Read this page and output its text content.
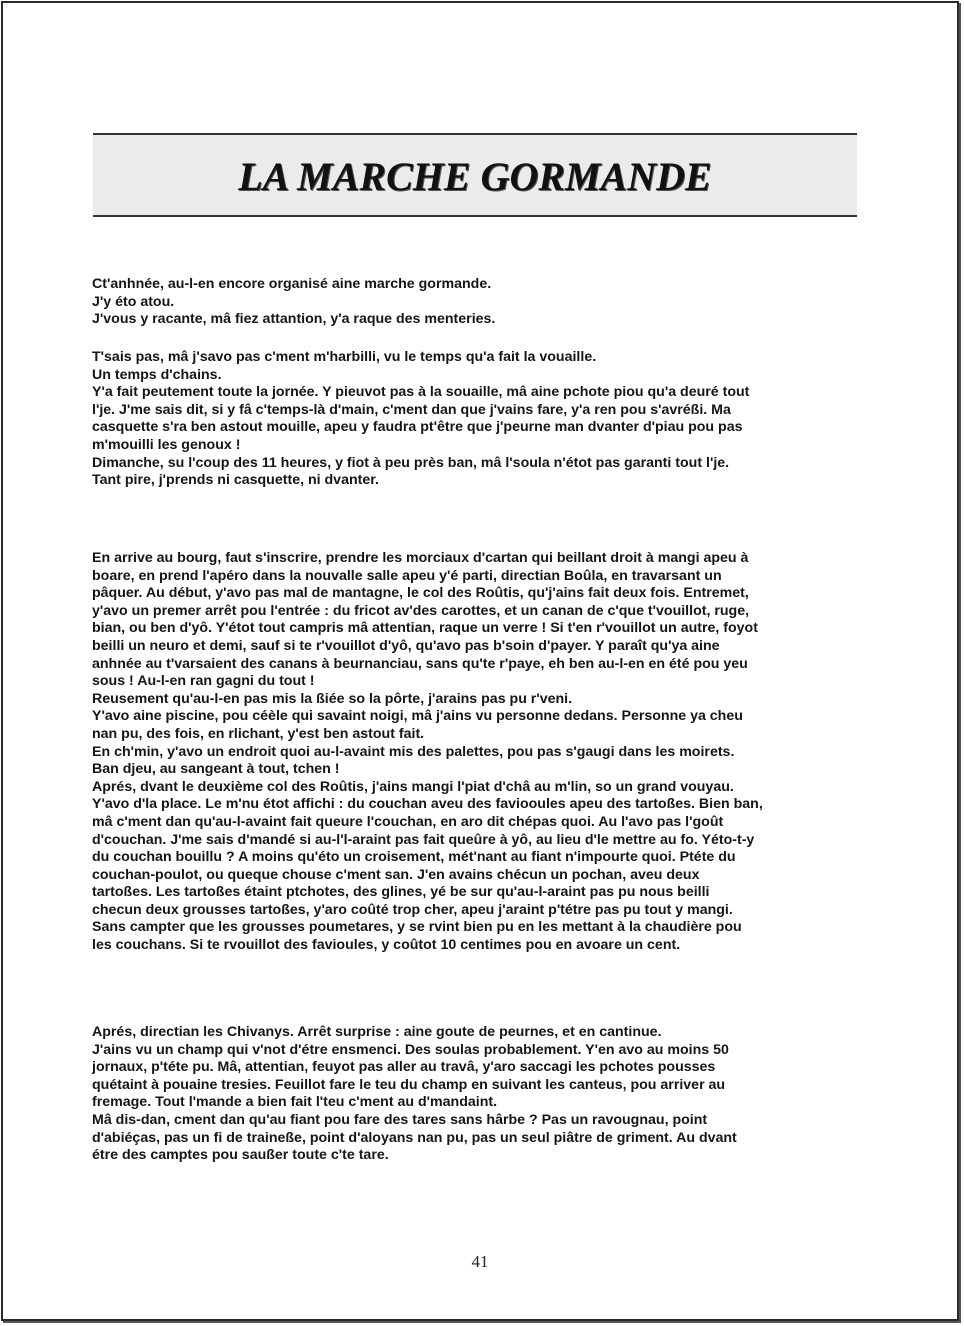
LA MARCHE GORMANDE

Ct'anhnée, au-l-en encore organisé aine marche gormande.

J'y éto atou.

J'vous y racante, mâ fiez attantion, y'a raque des menteries.

T'sais pas, mâ j'savo pas c'ment m'harbilli, vu le temps qu'a fait la vouaille.

Un temps d'chains.

Y'a fait peutement toute la jornée. Y pieuvot pas à la souaille, mâ aine pchote piou qu'a deuré tout

l'je. J'me sais dit, si y fâ c'temps-là d'main, c'ment dan que j'vains fare, y'a ren pou s'avréßi. Ma

casquette s'ra ben astout mouille, apeu y faudra pt'être que j'peurne man dvanter d'piau pou pas

m'mouilli les genoux !

Dimanche, su l'coup des 11 heures, y fiot à peu près ban, mâ l'soula n'étot pas garanti tout l'je.

Tant pire, j'prends ni casquette, ni dvanter.

En arrive au bourg, faut s'inscrire, prendre les morciaux d'cartan qui beillant droit à mangi apeu à

boare, en prend l'apéro dans la nouvalle salle apeu y'é parti, directian Boûla, en travarsant un

pâquer. Au début, y'avo pas mal de mantagne, le col des Roûtis, qu'j'ains fait deux fois. Entremet,

y'avo un premer arrêt pou l'entrée : du fricot av'des carottes, et un canan de c'que t'vouillot, ruge,

bian, ou ben d'yô. Y'étot tout campris mâ attentian, raque un verre ! Si t'en r'vouillot un autre, foyot

beilli un neuro et demi, sauf si te r'vouillot d'yô, qu'avo pas b'soin d'payer. Y paraît qu'ya aine

anhnée au t'varsaient des canans à beurnanciau, sans qu'te r'paye, eh ben au-l-en en été pou yeu

sous ! Au-l-en ran gagni du tout !

Reusement qu'au-l-en pas mis la ßiée so la pôrte, j'arains pas pu r'veni.

Y'avo aine piscine, pou céèle qui savaint noigi, mâ j'ains vu personne dedans. Personne ya cheu

nan pu, des fois, en rlichant, y'est ben astout fait.

En ch'min, y'avo un endroit quoi au-l-avaint mis des palettes, pou pas s'gaugi dans les moirets.

Ban djeu, au sangeant à tout, tchen !

Aprés, dvant le deuxième col des Roûtis, j'ains mangi l'piat d'châ au m'lin, so un grand vouyau.

Y'avo d'la place. Le m'nu étot affichi : du couchan aveu des faviooules apeu des tartoßes. Bien ban,

mâ c'ment dan qu'au-l-avaint fait queure l'couchan, en aro dit chépas quoi. Au l'avo pas l'goût

d'couchan. J'me sais d'mandé si au-l'l-araint pas fait queûre à yô, au lieu d'le mettre au fo. Yéto-t-y

du couchan bouillu ? A moins qu'éto un croisement, mét'nant au fiant n'impourte quoi. Ptéte du

couchan-poulot, ou queque chouse c'ment san. J'en avains chécun un pochan, aveu deux

tartoßes. Les tartoßes étaint ptchotes, des glines, yé be sur qu'au-l-araint pas pu nous beilli

checun deux grousses tartoßes, y'aro coûté trop cher, apeu j'araint p'tétre pas pu tout y mangi.

Sans campter que les grousses poumetares, y se rvint bien pu en les mettant à la chaudière pou

les couchans. Si te rvouillot des favioules, y coûtot 10 centimes pou en avoare un cent.

Aprés, directian les Chivanys. Arrêt surprise : aine goute de peurnes, et en cantinue.

J'ains vu un champ qui v'not d'étre ensmenci. Des soulas probablement. Y'en avo au moins 50

jornaux, p'téte pu. Mâ, attentian, feuyot pas aller au travâ, y'aro saccagi les pchotes pousses

quétaint à pouaine tresies. Feuillot fare le teu du champ en suivant les canteus, pou arriver au

fremage. Tout l'mande a bien fait l'teu c'ment au d'mandaint.

Mâ dis-dan, cment dan qu'au fiant pou fare des tares sans hârbe ? Pas un ravougnau, point

d'abiéças, pas un fi de traineße, point d'aloyans nan pu, pas un seul piâtre de griment. Au dvant

étre des camptes pou saußer toute c'te tare.

41
